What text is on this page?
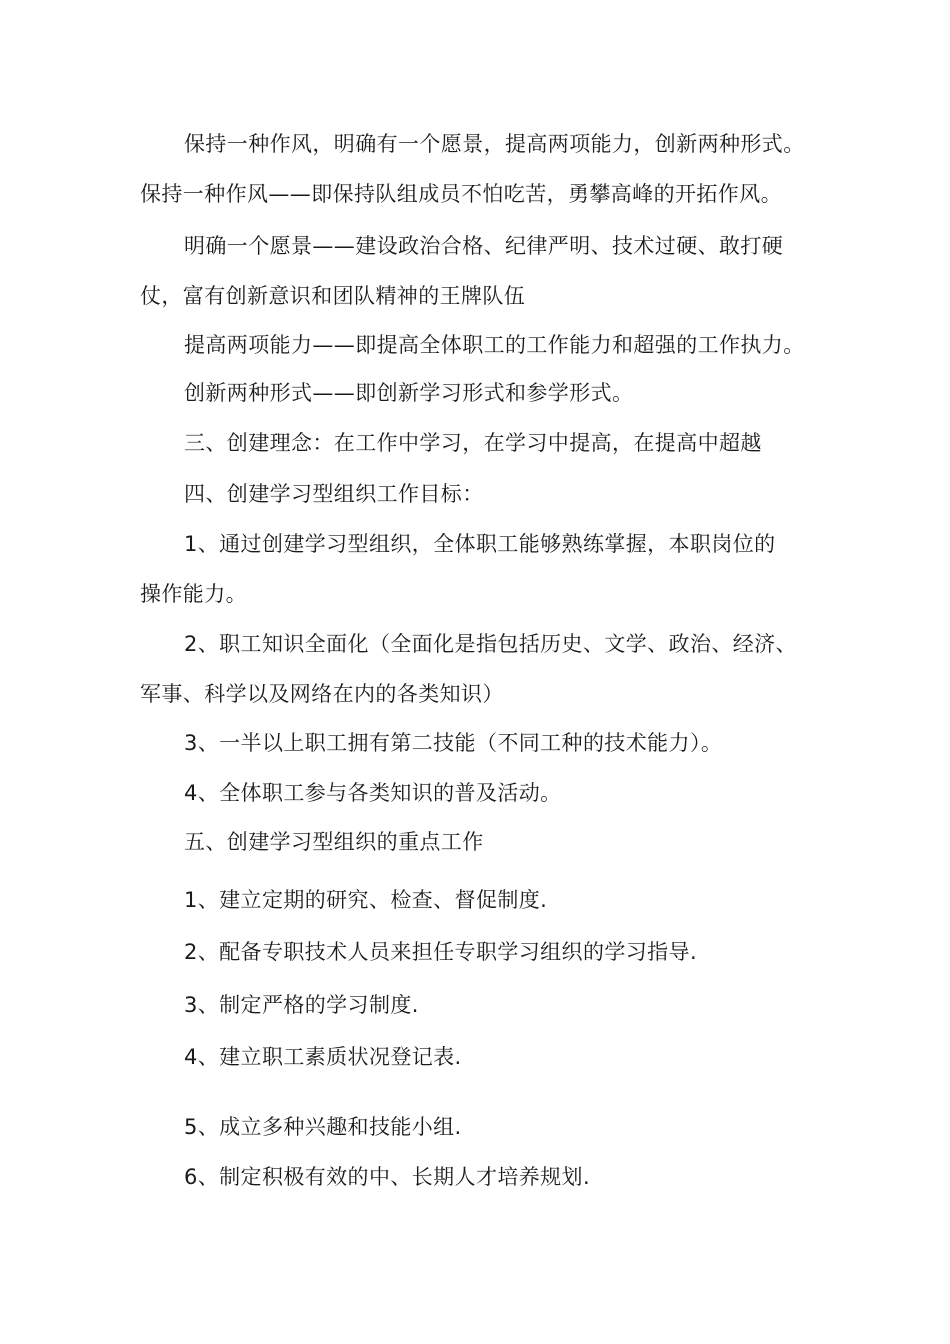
保持一种作风，明确有一个愿景，提高两项能力，创新两种形式。
保持一种作风——即保持队组成员不怕吃苦，勇攀高峰的开拓作风。
明确一个愿景——建设政治合格、纪律严明、技术过硬、敢打硬
仗，富有创新意识和团队精神的王牌队伍
提高两项能力——即提高全体职工的工作能力和超强的工作执力。
创新两种形式——即创新学习形式和参学形式。
三、创建理念：在工作中学习，在学习中提高，在提高中超越
四、创建学习型组织工作目标：
1、通过创建学习型组织，全体职工能够熟练掌握，本职岗位的
操作能力。
2、职工知识全面化（全面化是指包括历史、文学、政治、经济、
军事、科学以及网络在内的各类知识）
3、一半以上职工拥有第二技能（不同工种的技术能力）。
4、全体职工参与各类知识的普及活动。
五、创建学习型组织的重点工作
1、建立定期的研究、检查、督促制度.
2、配备专职技术人员来担任专职学习组织的学习指导.
3、制定严格的学习制度.
4、建立职工素质状况登记表.
5、成立多种兴趣和技能小组.
6、制定积极有效的中、长期人才培养规划.
